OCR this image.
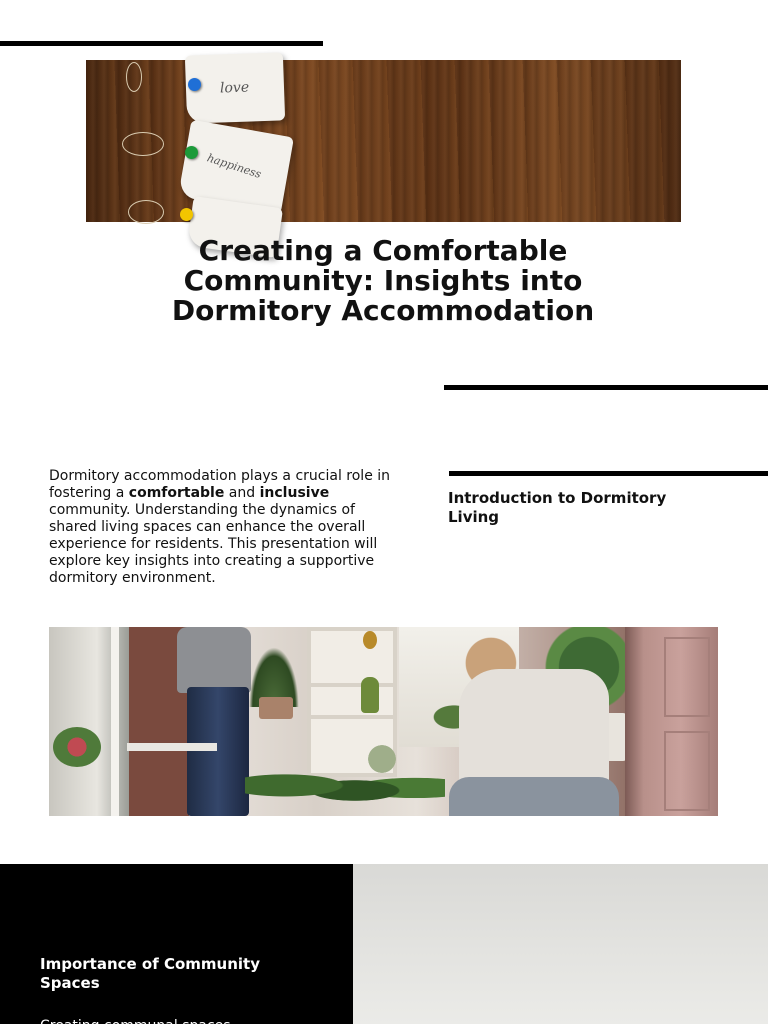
love
happiness
Creating a Comfortable Community: Insights into Dormitory Accommodation

Dormitory accommodation plays a crucial role in fostering a comfortable and inclusive community. Understanding the dynamics of shared living spaces can enhance the overall experience for residents. This presentation will explore key insights into creating a supportive dormitory environment.

Introduction to Dormitory Living
Importance of Community Spaces
Creating communal spaces
